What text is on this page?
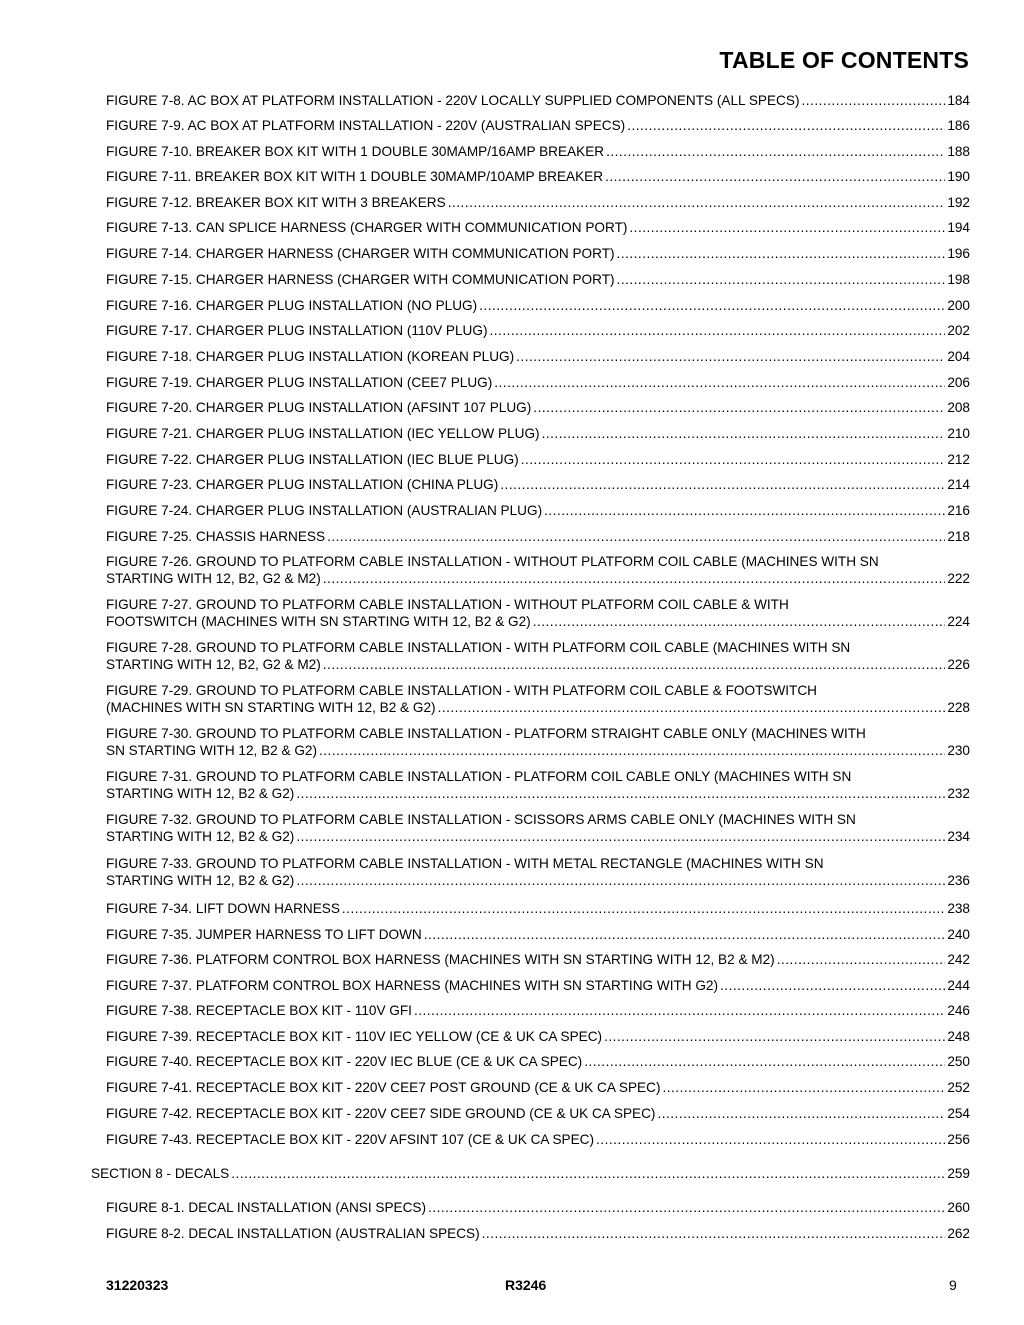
TABLE OF CONTENTS
FIGURE 7-8. AC BOX AT PLATFORM INSTALLATION - 220V LOCALLY SUPPLIED COMPONENTS (ALL SPECS) .....	184
FIGURE 7-9. AC BOX AT PLATFORM INSTALLATION - 220V (AUSTRALIAN SPECS) .....	186
FIGURE 7-10. BREAKER BOX KIT WITH 1 DOUBLE 30MAMP/16AMP BREAKER .....	188
FIGURE 7-11. BREAKER BOX KIT WITH 1 DOUBLE 30MAMP/10AMP BREAKER .....	190
FIGURE 7-12. BREAKER BOX KIT WITH 3 BREAKERS .....	192
FIGURE 7-13. CAN SPLICE HARNESS (CHARGER WITH COMMUNICATION PORT) .....	194
FIGURE 7-14. CHARGER HARNESS (CHARGER WITH COMMUNICATION PORT) .....	196
FIGURE 7-15. CHARGER HARNESS (CHARGER WITH COMMUNICATION PORT) .....	198
FIGURE 7-16. CHARGER PLUG INSTALLATION (NO PLUG) .....	200
FIGURE 7-17. CHARGER PLUG INSTALLATION (110V PLUG) .....	202
FIGURE 7-18. CHARGER PLUG INSTALLATION (KOREAN PLUG) .....	204
FIGURE 7-19. CHARGER PLUG INSTALLATION (CEE7 PLUG) .....	206
FIGURE 7-20. CHARGER PLUG INSTALLATION (AFSINT 107 PLUG) .....	208
FIGURE 7-21. CHARGER PLUG INSTALLATION (IEC YELLOW PLUG) .....	210
FIGURE 7-22. CHARGER PLUG INSTALLATION (IEC BLUE PLUG) .....	212
FIGURE 7-23. CHARGER PLUG INSTALLATION (CHINA PLUG) .....	214
FIGURE 7-24. CHARGER PLUG INSTALLATION (AUSTRALIAN PLUG) .....	216
FIGURE 7-25. CHASSIS HARNESS .....	218
FIGURE 7-26. GROUND TO PLATFORM CABLE INSTALLATION - WITHOUT PLATFORM COIL CABLE (MACHINES WITH SN
STARTING WITH 12, B2, G2 & M2) .....	222
FIGURE 7-27. GROUND TO PLATFORM CABLE INSTALLATION - WITHOUT PLATFORM COIL CABLE & WITH
FOOTSWITCH (MACHINES WITH SN STARTING WITH 12, B2 & G2) .....	224
FIGURE 7-28. GROUND TO PLATFORM CABLE INSTALLATION - WITH PLATFORM COIL CABLE (MACHINES WITH SN
STARTING WITH 12, B2, G2 & M2) .....	226
FIGURE 7-29. GROUND TO PLATFORM CABLE INSTALLATION - WITH PLATFORM COIL CABLE & FOOTSWITCH
(MACHINES WITH SN STARTING WITH 12, B2 & G2) .....	228
FIGURE 7-30. GROUND TO PLATFORM CABLE INSTALLATION - PLATFORM STRAIGHT CABLE ONLY (MACHINES WITH
SN STARTING WITH 12, B2 & G2) .....	230
FIGURE 7-31. GROUND TO PLATFORM CABLE INSTALLATION - PLATFORM COIL CABLE ONLY (MACHINES WITH SN
STARTING WITH 12, B2 & G2) .....	232
FIGURE 7-32. GROUND TO PLATFORM CABLE INSTALLATION - SCISSORS ARMS CABLE ONLY (MACHINES WITH SN
STARTING WITH 12, B2 & G2) .....	234
FIGURE 7-33. GROUND TO PLATFORM CABLE INSTALLATION - WITH METAL RECTANGLE (MACHINES WITH SN
STARTING WITH 12, B2 & G2) .....	236
FIGURE 7-34. LIFT DOWN HARNESS .....	238
FIGURE 7-35. JUMPER HARNESS TO LIFT DOWN .....	240
FIGURE 7-36. PLATFORM CONTROL BOX HARNESS (MACHINES WITH SN STARTING WITH 12, B2 & M2) .....	242
FIGURE 7-37. PLATFORM CONTROL BOX HARNESS (MACHINES WITH SN STARTING WITH G2) .....	244
FIGURE 7-38. RECEPTACLE BOX KIT - 110V GFI .....	246
FIGURE 7-39. RECEPTACLE BOX KIT - 110V IEC YELLOW (CE & UK CA SPEC) .....	248
FIGURE 7-40. RECEPTACLE BOX KIT - 220V IEC BLUE (CE & UK CA SPEC) .....	250
FIGURE 7-41. RECEPTACLE BOX KIT - 220V CEE7 POST GROUND (CE & UK CA SPEC) .....	252
FIGURE 7-42. RECEPTACLE BOX KIT - 220V CEE7 SIDE GROUND (CE & UK CA SPEC) .....	254
FIGURE 7-43. RECEPTACLE BOX KIT - 220V AFSINT 107 (CE & UK CA SPEC) .....	256
SECTION 8 - DECALS .....	259
FIGURE 8-1. DECAL INSTALLATION (ANSI SPECS) .....	260
FIGURE 8-2. DECAL INSTALLATION (AUSTRALIAN SPECS) .....	262
31220323	R3246	9
